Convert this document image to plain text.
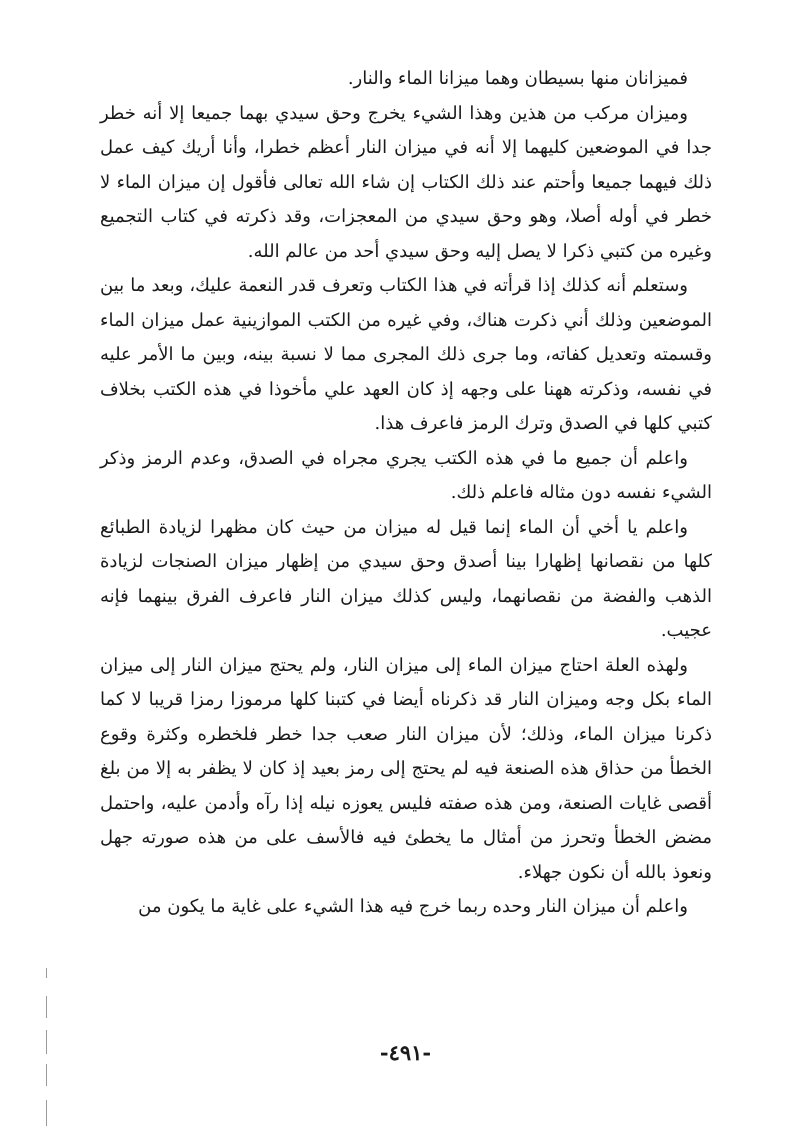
فميزانان منها بسيطان وهما ميزانا الماء والنار.

وميزان مركب من هذين وهذا الشيء يخرج وحق سيدي بهما جميعا إلا أنه خطر جدا في الموضعين كليهما إلا أنه في ميزان النار أعظم خطرا، وأنا أريك كيف عمل ذلك فيهما جميعا وأحتم عند ذلك الكتاب إن شاء الله تعالى فأقول إن ميزان الماء لا خطر في أوله أصلا، وهو وحق سيدي من المعجزات، وقد ذكرته في كتاب التجميع وغيره من كتبي ذكرا لا يصل إليه وحق سيدي أحد من عالم الله.

وستعلم أنه كذلك إذا قرأته في هذا الكتاب وتعرف قدر النعمة عليك، وبعد ما بين الموضعين وذلك أني ذكرت هناك، وفي غيره من الكتب الموازينية عمل ميزان الماء وقسمته وتعديل كفاته، وما جرى ذلك المجرى مما لا نسبة بينه، وبين ما الأمر عليه في نفسه، وذكرته ههنا على وجهه إذ كان العهد علي مأخوذا في هذه الكتب بخلاف كتبي كلها في الصدق وترك الرمز فاعرف هذا.

واعلم أن جميع ما في هذه الكتب يجري مجراه في الصدق، وعدم الرمز وذكر الشيء نفسه دون مثاله فاعلم ذلك.

واعلم يا أخي أن الماء إنما قيل له ميزان من حيث كان مظهرا لزيادة الطبائع كلها من نقصانها إظهارا بينا أصدق وحق سيدي من إظهار ميزان الصنجات لزيادة الذهب والفضة من نقصانهما، وليس كذلك ميزان النار فاعرف الفرق بينهما فإنه عجيب.

ولهذه العلة احتاج ميزان الماء إلى ميزان النار، ولم يحتج ميزان النار إلى ميزان الماء بكل وجه وميزان النار قد ذكرناه أيضا في كتبنا كلها مرموزا رمزا قريبا لا كما ذكرنا ميزان الماء، وذلك؛ لأن ميزان النار صعب جدا خطر فلخطره وكثرة وقوع الخطأ من حذاق هذه الصنعة فيه لم يحتج إلى رمز بعيد إذ كان لا يظفر به إلا من بلغ أقصى غايات الصنعة، ومن هذه صفته فليس يعوزه نيله إذا رآه وأدمن عليه، واحتمل مضض الخطأ وتحرز من أمثال ما يخطئ فيه فالأسف على من هذه صورته جهل ونعوذ بالله أن نكون جهلاء.

واعلم أن ميزان النار وحده ربما خرج فيه هذا الشيء على غاية ما يكون من

-٤٩١-
